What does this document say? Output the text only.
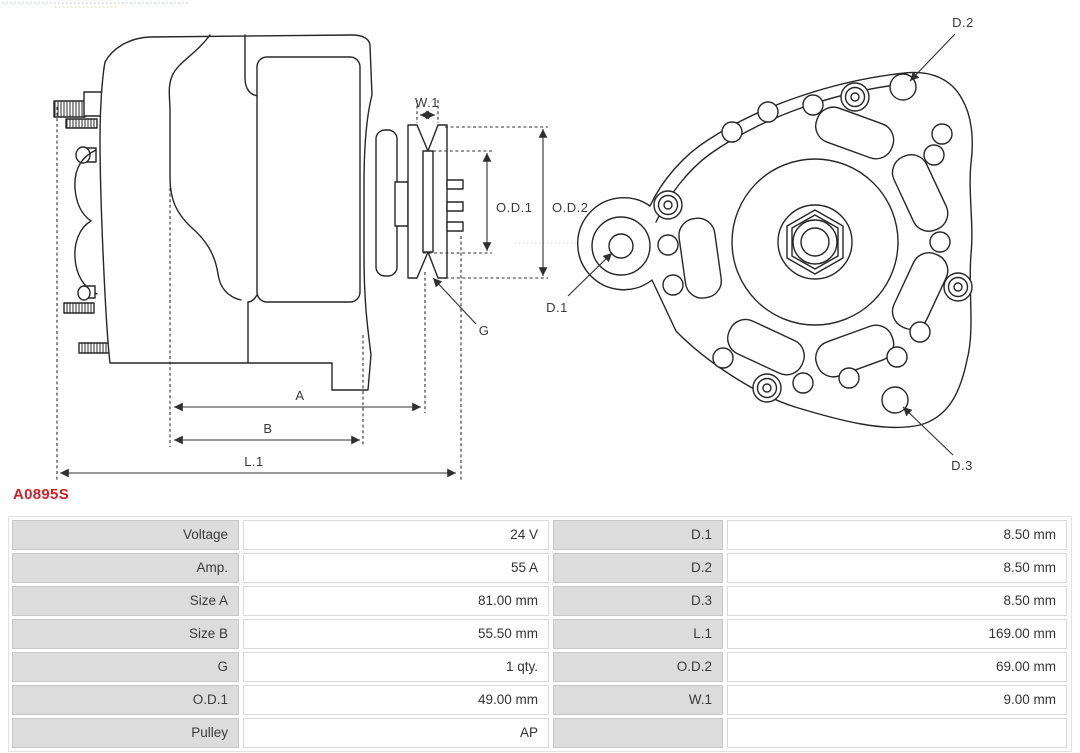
W.1
O.D.1 O.D.2
G
A
B
L.1
D.2
D.1
D.3
A0895S
Voltage	24 V	D.1	8.50 mm
Amp.	55 A	D.2	8.50 mm
Size A	81.00 mm	D.3	8.50 mm
Size B	55.50 mm	L.1	169.00 mm
G	1 qty.	O.D.2	69.00 mm
O.D.1	49.00 mm	W.1	9.00 mm
Pulley	AP
